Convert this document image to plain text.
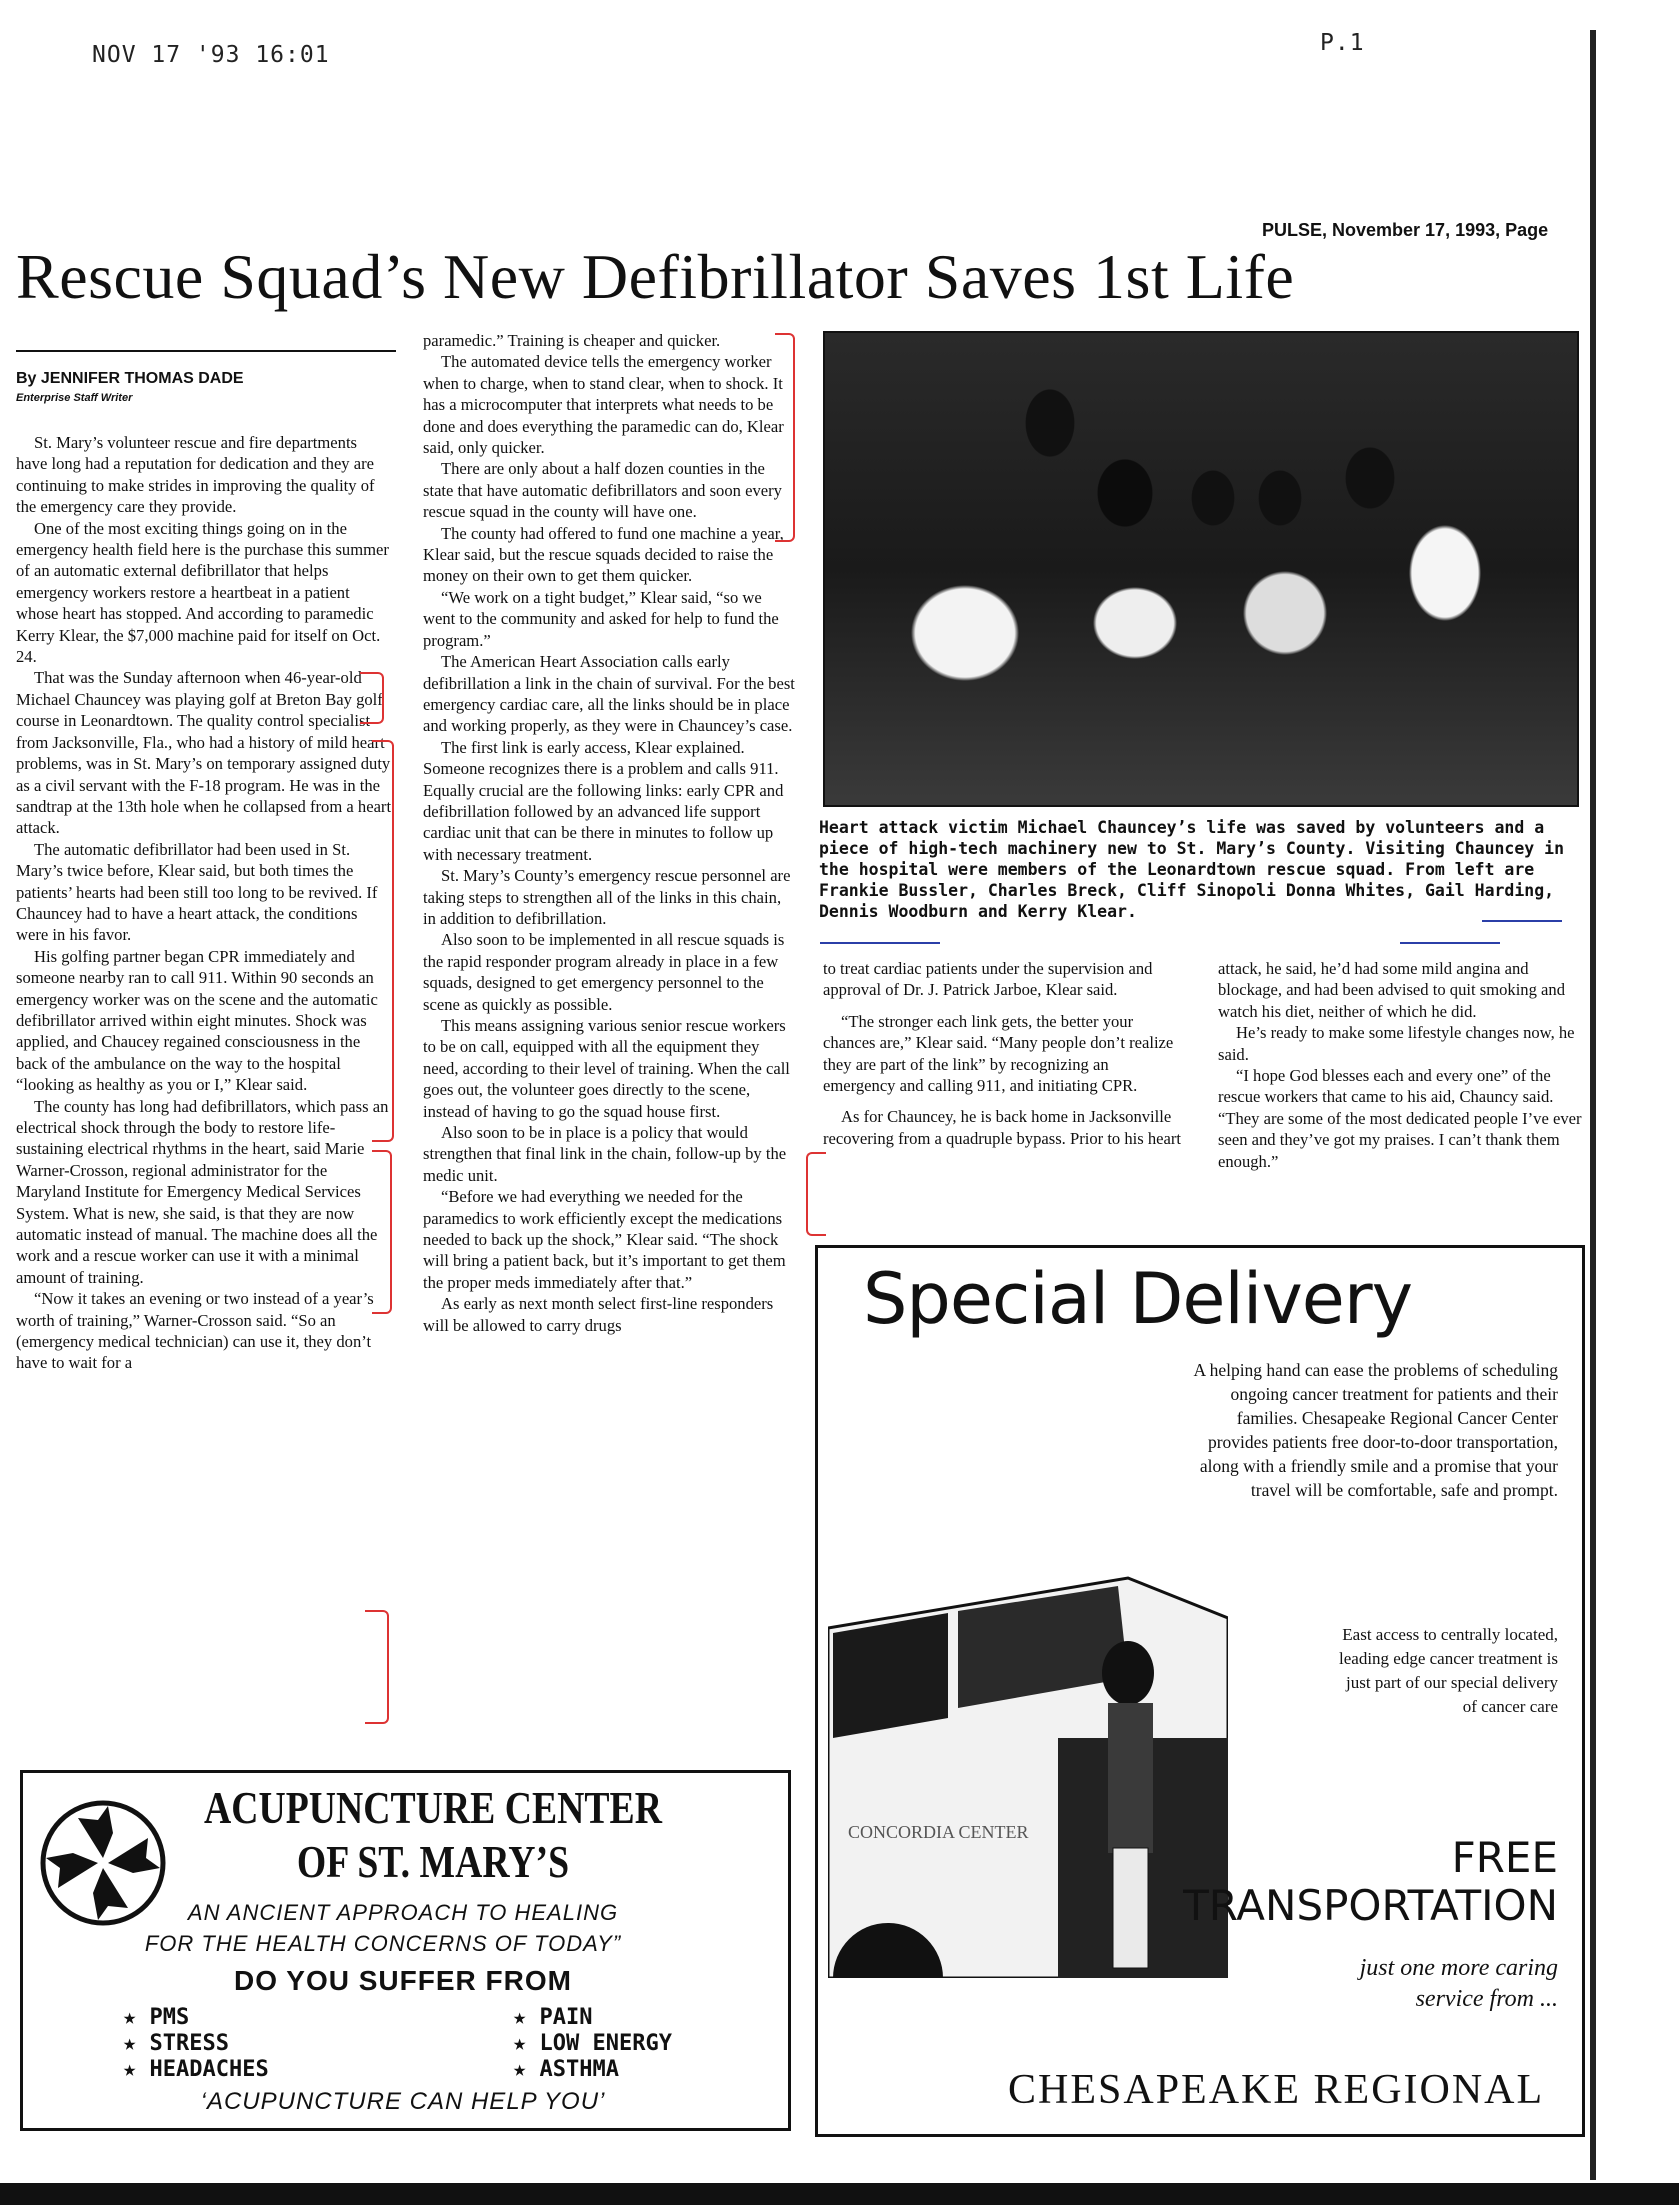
NOV 17 '93 16:01	P.1
PULSE, November 17, 1993, Page
Rescue Squad’s New Defibrillator Saves 1st Life
By JENNIFER THOMAS DADE
Enterprise Staff Writer

St. Mary’s volunteer rescue and fire departments have long had a reputation for dedication and they are continuing to make strides in improving the quality of the emergency care they provide.

One of the most exciting things going on in the emergency health field here is the purchase this summer of an automatic external defibrillator that helps emergency workers restore a heartbeat in a patient whose heart has stopped. And according to paramedic Kerry Klear, the $7,000 machine paid for itself on Oct. 24.

That was the Sunday afternoon when 46-year-old Michael Chauncey was playing golf at Breton Bay golf course in Leonardtown. The quality control specialist from Jacksonville, Fla., who had a history of mild heart problems, was in St. Mary’s on temporary assigned duty as a civil servant with the F-18 program. He was in the sandtrap at the 13th hole when he collapsed from a heart attack.

The automatic defibrillator had been used in St. Mary’s twice before, Klear said, but both times the patients’ hearts had been still too long to be revived. If Chauncey had to have a heart attack, the conditions were in his favor.

His golfing partner began CPR immediately and someone nearby ran to call 911. Within 90 seconds an emergency worker was on the scene and the automatic defibrillator arrived within eight minutes. Shock was applied, and Chaucey regained consciousness in the back of the ambulance on the way to the hospital “looking as healthy as you or I,” Klear said.

The county has long had defibrillators, which pass an electrical shock through the body to restore life-sustaining electrical rhythms in the heart, said Marie Warner-Crosson, regional administrator for the Maryland Institute for Emergency Medical Services System. What is new, she said, is that they are now automatic instead of manual. The machine does all the work and a rescue worker can use it with a minimal amount of training.

“Now it takes an evening or two instead of a year’s worth of training,” Warner-Crosson said. “So an (emergency medical technician) can use it, they don’t have to wait for a

paramedic.” Training is cheaper and quicker.

The automated device tells the emergency worker when to charge, when to stand clear, when to shock. It has a microcomputer that interprets what needs to be done and does everything the paramedic can do, Klear said, only quicker.

There are only about a half dozen counties in the state that have automatic defibrillators and soon every rescue squad in the county will have one.

The county had offered to fund one machine a year, Klear said, but the rescue squads decided to raise the money on their own to get them quicker.

“We work on a tight budget,” Klear said, “so we went to the community and asked for help to fund the program.”

The American Heart Association calls early defibrillation a link in the chain of survival. For the best emergency cardiac care, all the links should be in place and working properly, as they were in Chauncey’s case.

The first link is early access, Klear explained. Someone recognizes there is a problem and calls 911. Equally crucial are the following links: early CPR and defibrillation followed by an advanced life support cardiac unit that can be there in minutes to follow up with necessary treatment.

St. Mary’s County’s emergency rescue personnel are taking steps to strengthen all of the links in this chain, in addition to defibrillation.

Also soon to be implemented in all rescue squads is the rapid responder program already in place in a few squads, designed to get emergency personnel to the scene as quickly as possible.

This means assigning various senior rescue workers to be on call, equipped with all the equipment they need, according to their level of training. When the call goes out, the volunteer goes directly to the scene, instead of having to go the squad house first.

Also soon to be in place is a policy that would strengthen that final link in the chain, follow-up by the medic unit.

“Before we had everything we needed for the paramedics to work efficiently except the medications needed to back up the shock,” Klear said. “The shock will bring a patient back, but it’s important to get them the proper meds immediately after that.”

As early as next month select first-line responders will be allowed to carry drugs

Heart attack victim Michael Chauncey’s life was saved by volunteers and a piece of high-tech machinery new to St. Mary’s County. Visiting Chauncey in the hospital were members of the Leonardtown rescue squad. From left are Frankie Bussler, Charles Breck, Cliff Sinopoli Donna Whites, Gail Harding, Dennis Woodburn and Kerry Klear.

to treat cardiac patients under the supervision and approval of Dr. J. Patrick Jarboe, Klear said.

“The stronger each link gets, the better your chances are,” Klear said. “Many people don’t realize they are part of the link” by recognizing an emergency and calling 911, and initiating CPR.

As for Chauncey, he is back home in Jacksonville recovering from a quadruple bypass. Prior to his heart

attack, he said, he’d had some mild angina and blockage, and had been advised to quit smoking and watch his diet, neither of which he did.

He’s ready to make some lifestyle changes now, he said.

“I hope God blesses each and every one” of the rescue workers that came to his aid, Chauncy said. “They are some of the most dedicated people I’ve ever seen and they’ve got my praises. I can’t thank them enough.”

Special Delivery
A helping hand can ease the problems of scheduling ongoing cancer treatment for patients and their families. Chesapeake Regional Cancer Center provides patients free door-to-door transportation, along with a friendly smile and a promise that your travel will be comfortable, safe and prompt.
CONCORDIA CENTER
East access to centrally located, leading edge cancer treatment is just part of our special delivery of cancer care
FREE
TRANSPORTATION
just one more caring service from ...
CHESAPEAKE REGIONAL
ACUPUNCTURE CENTER
OF ST. MARY’S
AN ANCIENT APPROACH TO HEALING
FOR THE HEALTH CONCERNS OF TODAY”
DO YOU SUFFER FROM
★ PMS
★ STRESS
★ HEADACHES
★ PAIN
★ LOW ENERGY
★ ASTHMA
‘ACUPUNCTURE CAN HELP YOU’
